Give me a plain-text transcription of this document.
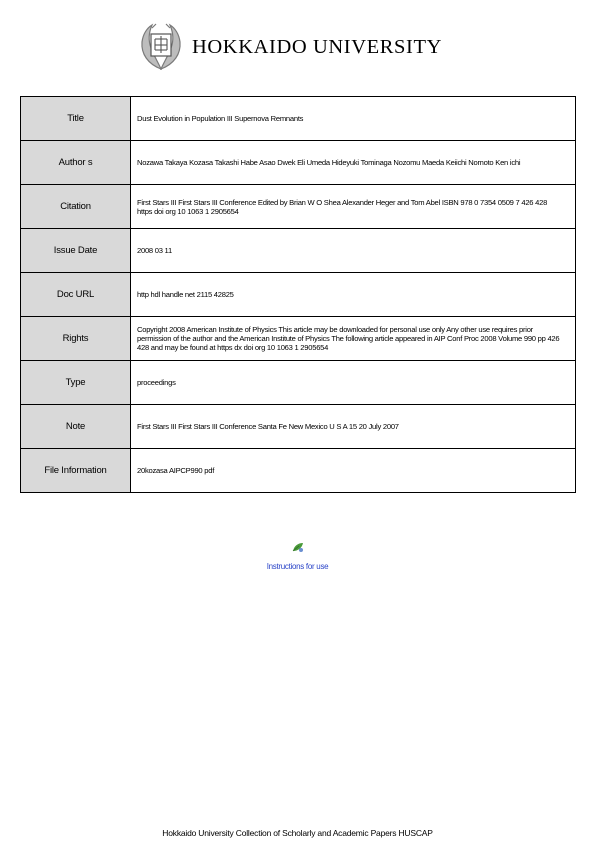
HOKKAIDO UNIVERSITY
Title	Dust Evolution in Population III Supernova Remnants
Author s	Nozawa Takaya Kozasa Takashi Habe Asao Dwek Eli Umeda Hideyuki Tominaga Nozomu Maeda Keiichi Nomoto Ken ichi
Citation	First Stars III First Stars III Conference Edited by Brian W O Shea Alexander Heger and Tom Abel ISBN 978 0 7354 0509 7 426 428
https doi org 10 1063 1 2905654
Issue Date	2008 03 11
Doc URL	http hdl handle net 2115 42825
Rights	Copyright 2008 American Institute of Physics This article may be downloaded for personal use only Any other use requires prior permission of the author and the American Institute of Physics The following article appeared in AIP Conf Proc 2008 Volume 990 pp 426 428 and may be found at https dx doi org 10 1063 1 2905654
Type	proceedings
Note	First Stars III First Stars III Conference Santa Fe New Mexico U S A 15 20 July 2007
File Information	20kozasa AIPCP990 pdf
Instructions for use
Hokkaido University Collection of Scholarly and Academic Papers HUSCAP
